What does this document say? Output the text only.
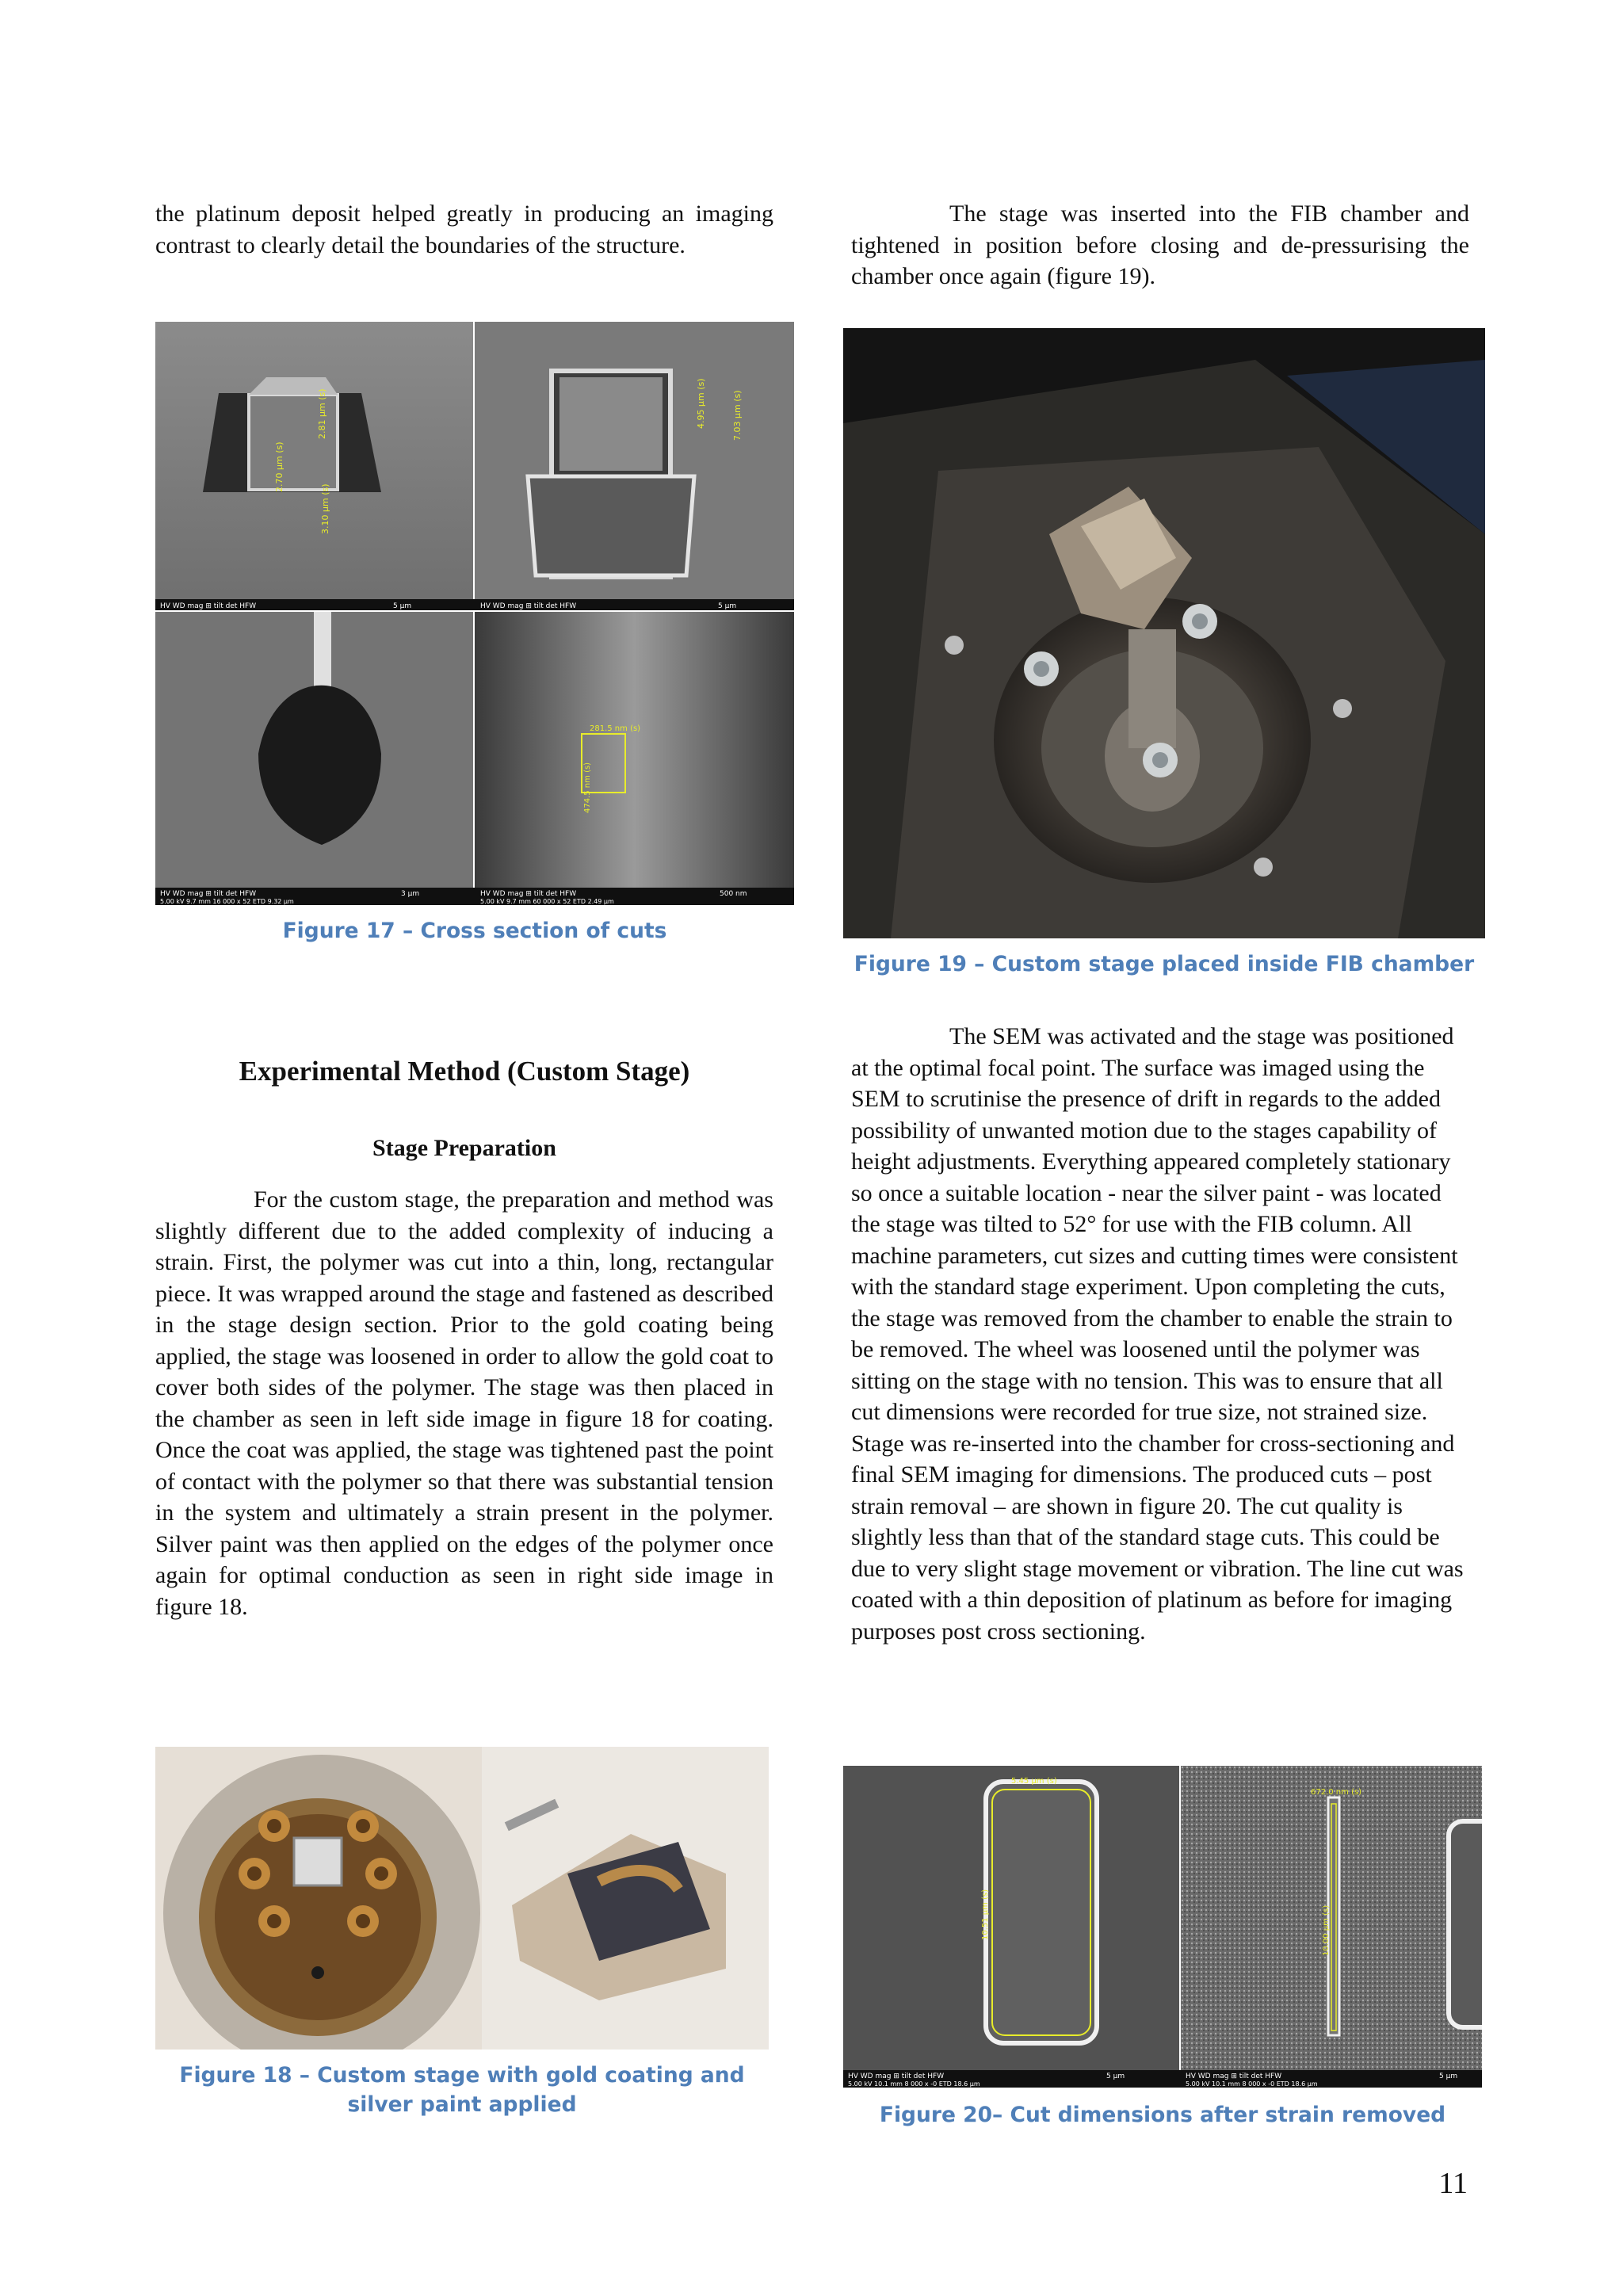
the platinum deposit helped greatly in producing an imaging contrast to clearly detail the boundaries of the structure.

The stage was inserted into the FIB chamber and tightened in position before closing and de-pressurising the chamber once again (figure 19).

2.81 µm (s)
2.70 µm (s)
3.10 µm (s)
4.95 µm (s)	7.03 µm (s)
HV WD mag ⊞ tilt det HFW	5 µm	HV WD mag ⊞ tilt det HFW	5 µm
281.5 nm (s)
474.5 nm (s)
HV WD mag ⊞ tilt det HFW
5.00 kV 9.7 mm 16 000 x 52 ETD 9.32 µm
3 µm	HV WD mag ⊞ tilt det HFW
5.00 kV 9.7 mm 60 000 x 52 ETD 2.49 µm
500 nm
Figure 17 – Cross section of cuts
Figure 19 – Custom stage placed inside FIB chamber
Experimental Method (Custom Stage)
Stage Preparation

For the custom stage, the preparation and method was slightly different due to the added complexity of inducing a strain. First, the polymer was cut into a thin, long, rectangular piece. It was wrapped around the stage and fastened as described in the stage design section. Prior to the gold coating being applied, the stage was loosened in order to allow the gold coat to cover both sides of the polymer. The stage was then placed in the chamber as seen in left side image in figure 18 for coating. Once the coat was applied, the stage was tightened past the point of contact with the polymer so that there was substantial tension in the system and ultimately a strain present in the polymer. Silver paint was then applied on the edges of the polymer once again for optimal conduction as seen in right side image in figure 18.

The SEM was activated and the stage was positioned at the optimal focal point. The surface was imaged using the SEM to scrutinise the presence of drift in regards to the added possibility of unwanted motion due to the stages capability of height adjustments. Everything appeared completely stationary so once a suitable location - near the silver paint - was located the stage was tilted to 52° for use with the FIB column. All machine parameters, cut sizes and cutting times were consistent with the standard stage experiment. Upon completing the cuts, the stage was removed from the chamber to enable the strain to be removed. The wheel was loosened until the polymer was sitting on the stage with no tension. This was to ensure that all cut dimensions were recorded for true size, not strained size. Stage was re-inserted into the chamber for cross-sectioning and final SEM imaging for dimensions. The produced cuts – post strain removal – are shown in figure 20. The cut quality is slightly less than that of the standard stage cuts. This could be due to very slight stage movement or vibration. The line cut was coated with a thin deposition of platinum as before for imaging purposes post cross sectioning.

Figure 18 – Custom stage with gold coating and silver paint applied
5.45 µm (s)
10.51 µm (s)
672.0 nm (s)
10.00 µm (s)
HV WD mag ⊞ tilt det HFW
5.00 kV 10.1 mm 8 000 x -0 ETD 18.6 µm
5 µm	HV WD mag ⊞ tilt det HFW
5.00 kV 10.1 mm 8 000 x -0 ETD 18.6 µm
5 µm
Figure 20– Cut dimensions after strain removed
11
